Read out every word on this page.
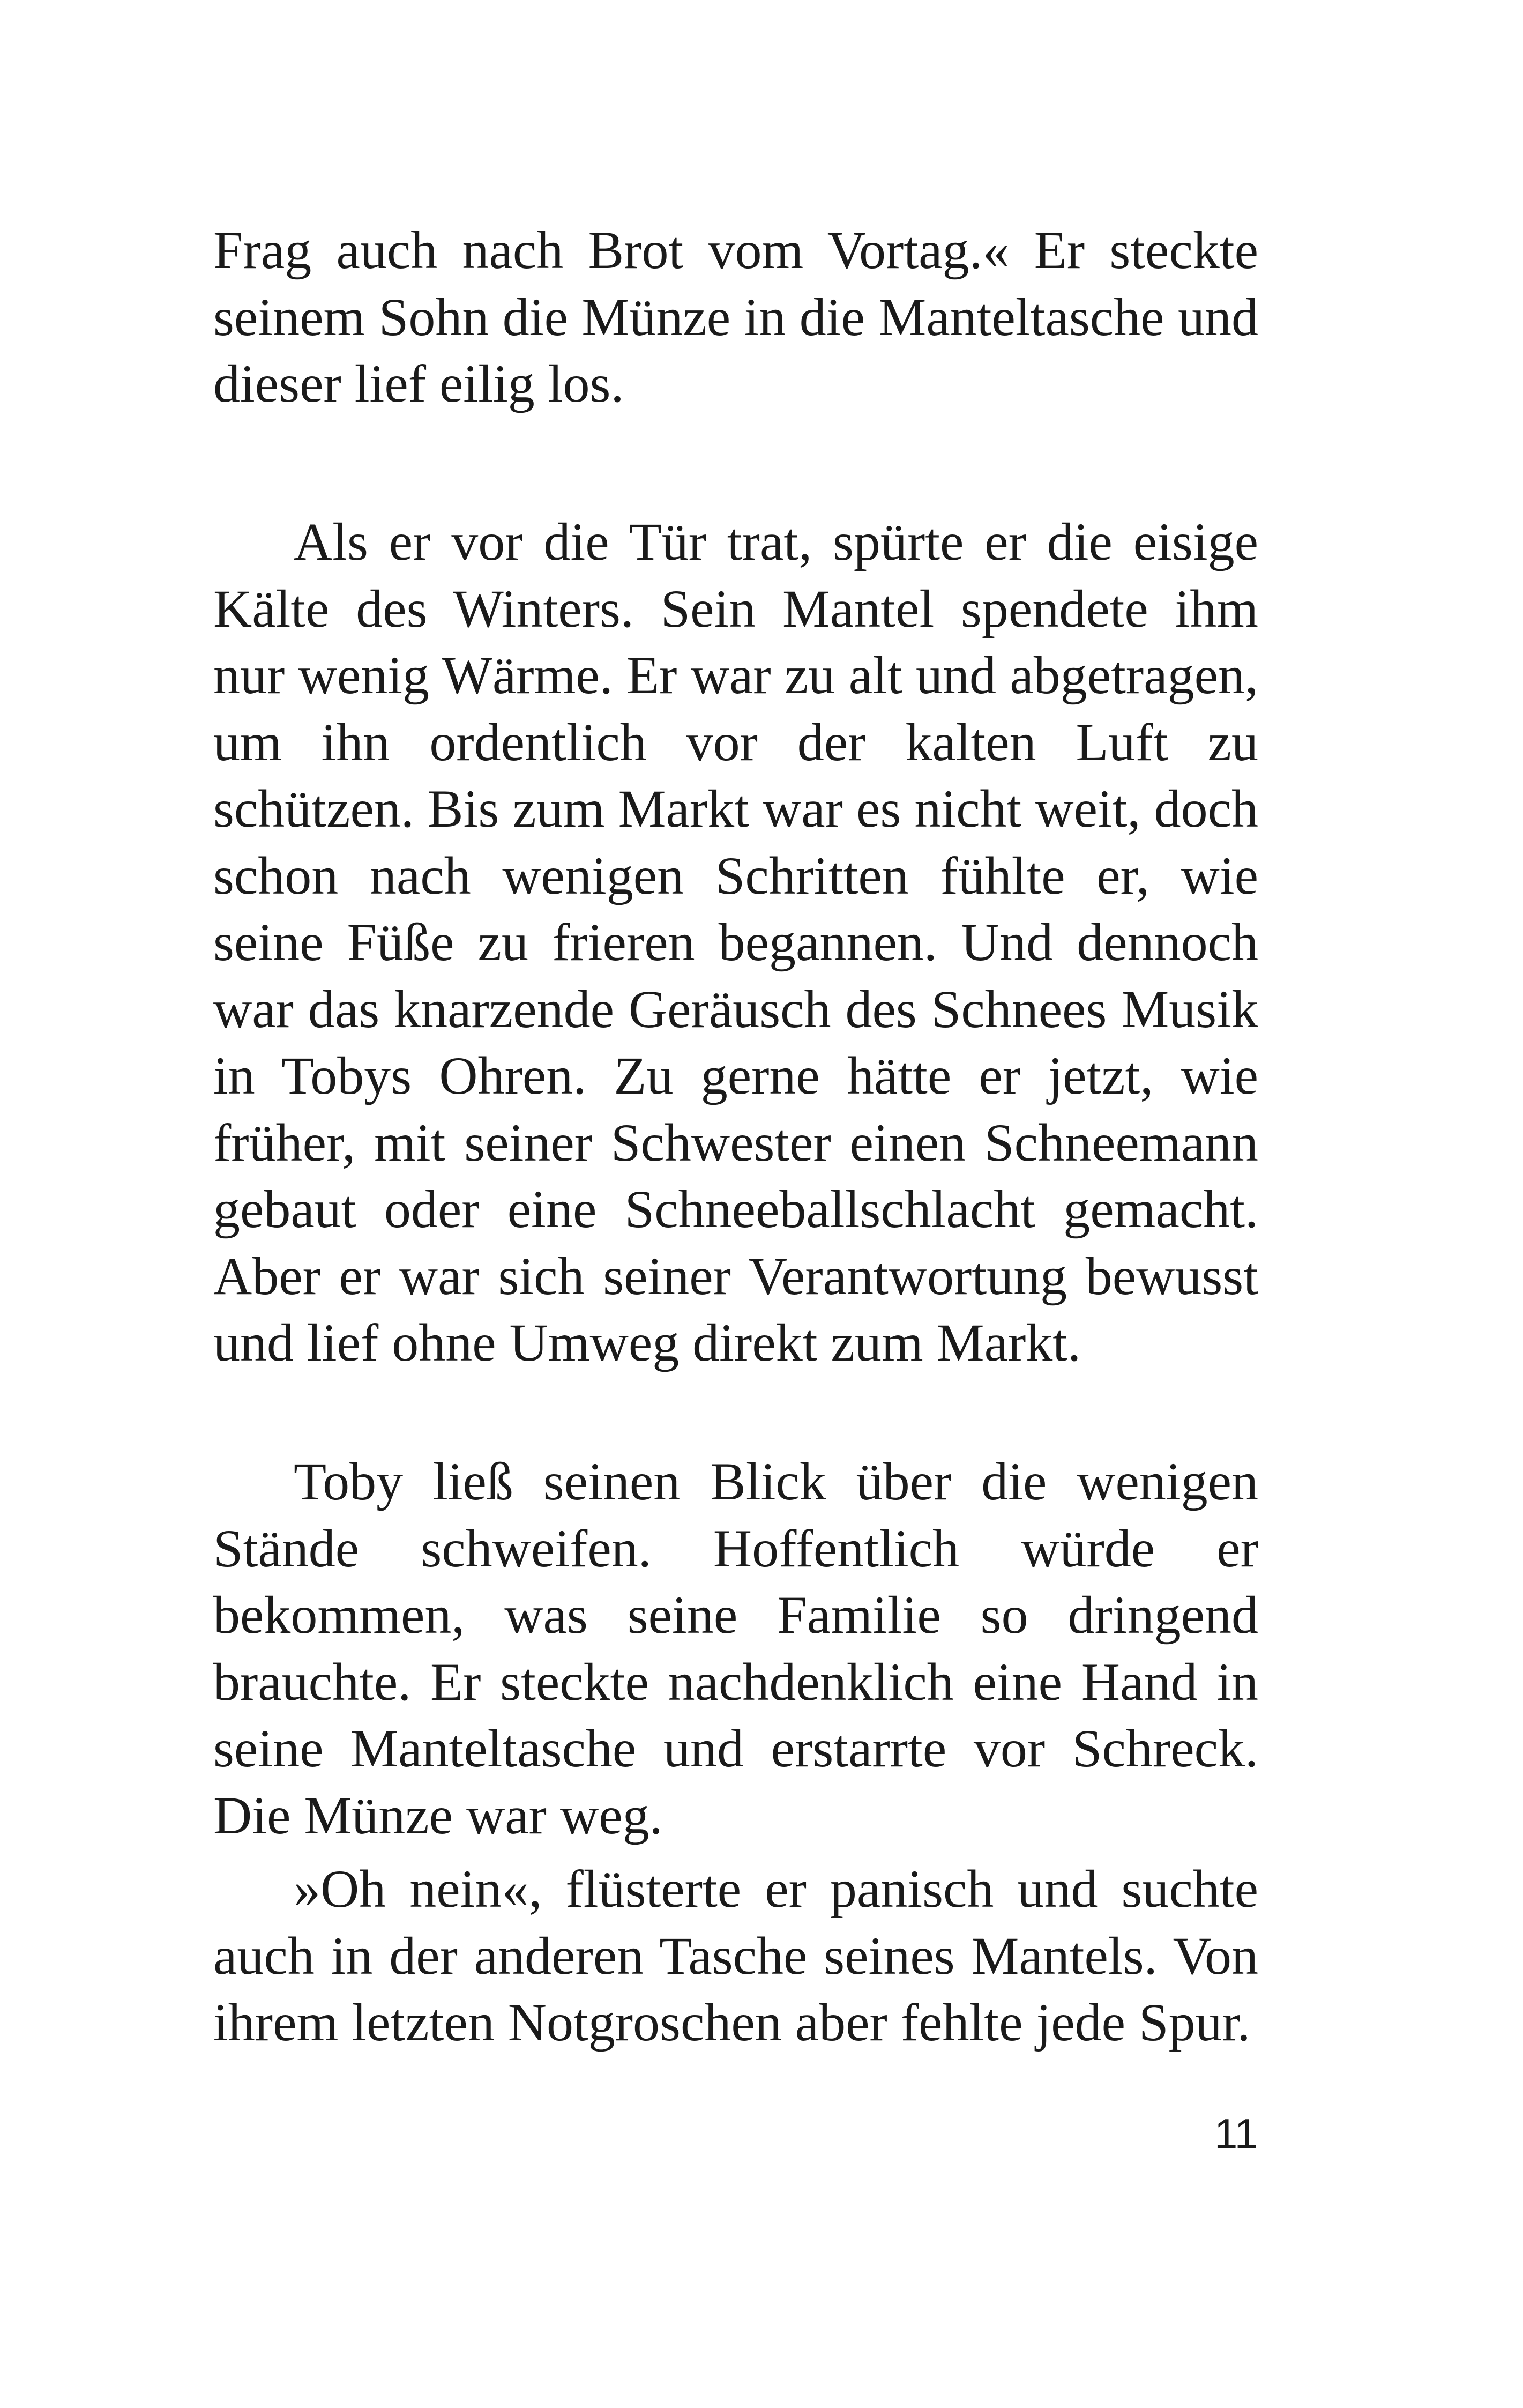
Frag auch nach Brot vom Vortag.« Er steckte seinem Sohn die Münze in die Manteltasche und dieser lief eilig los.

Als er vor die Tür trat, spürte er die eisige Kälte des Winters. Sein Mantel spendete ihm nur wenig Wärme. Er war zu alt und abgetragen, um ihn ordentlich vor der kalten Luft zu schützen. Bis zum Markt war es nicht weit, doch schon nach wenigen Schritten fühlte er, wie seine Füße zu frieren begannen. Und dennoch war das knarzende Geräusch des Schnees Musik in Tobys Ohren. Zu gerne hätte er jetzt, wie früher, mit seiner Schwester einen Schneemann gebaut oder eine Schneeballschlacht gemacht. Aber er war sich seiner Verantwortung bewusst und lief ohne Umweg direkt zum Markt.

Toby ließ seinen Blick über die wenigen Stände schweifen. Hoffentlich würde er bekommen, was seine Familie so dringend brauchte. Er steckte nachdenklich eine Hand in seine Manteltasche und erstarrte vor Schreck. Die Münze war weg.

»Oh nein«, flüsterte er panisch und suchte auch in der anderen Tasche seines Mantels. Von ihrem letzten Notgroschen aber fehlte jede Spur.

11
